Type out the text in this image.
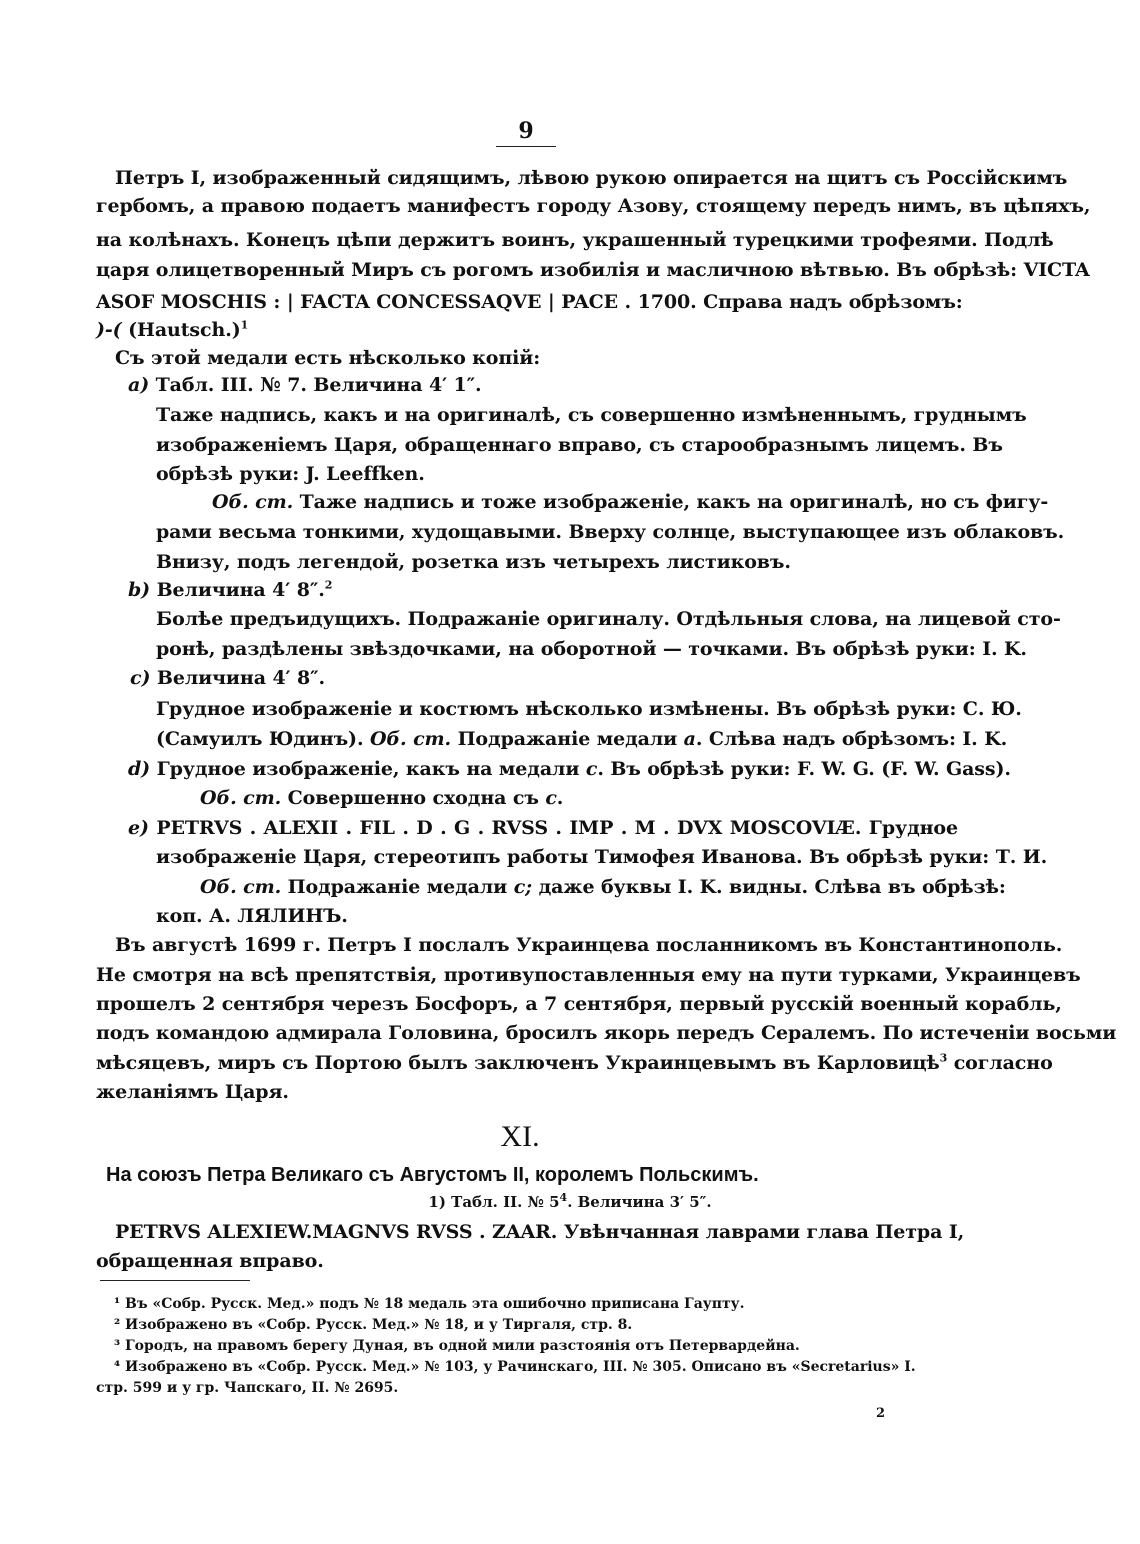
9
Петръ I, изображенный сидящимъ, лѣвою рукою опирается на щитъ съ Россійскимъ
гербомъ, а правою подаетъ манифестъ городу Азову, стоящему передъ нимъ, въ цѣпяхъ,
на колѣнахъ. Конецъ цѣпи держитъ воинъ, украшенный турецкими трофеями. Подлѣ
царя олицетворенный Миръ съ рогомъ изобилія и масличною вѣтвью. Въ обрѣзѣ: VICTA
ASOF MOSCHIS : | FACTA CONCESSAQVE | PACE . 1700. Справа надъ обрѣзомъ:
)-( (Hautsch.)$^1$
Съ этой медали есть нѣсколько копій:
a) Табл. III. № 7. Величина 4′ 1″.
Таже надпись, какъ и на оригиналѣ, съ совершенно измѣненнымъ, груднымъ
изображеніемъ Царя, обращеннаго вправо, съ старообразнымъ лицемъ. Въ
обрѣзѣ руки: J. Leeffken.
Об. ст. Таже надпись и тоже изображеніе, какъ на оригиналѣ, но съ фигу-
рами весьма тонкими, худощавыми. Вверху солнце, выступающее изъ облаковъ.
Внизу, подъ легендой, розетка изъ четырехъ листиковъ.
b) Величина 4′ 8″.$^2$
Болѣе предъидущихъ. Подражаніе оригиналу. Отдѣльныя слова, на лицевой сто-
ронѣ, раздѣлены звѣздочками, на оборотной — точками. Въ обрѣзѣ руки: I. K.
c) Величина 4′ 8″.
Грудное изображеніе и костюмъ нѣсколько измѣнены. Въ обрѣзѣ руки: С. Ю.
(Самуилъ Юдинъ). Об. ст. Подражаніе медали a. Слѣва надъ обрѣзомъ: I. K.
d) Грудное изображеніе, какъ на медали c. Въ обрѣзѣ руки: F. W. G. (F. W. Gass).
Об. ст. Совершенно сходна съ c.
e) PETRVS . ALEXII . FIL . D . G . RVSS . IMP . M . DVX MOSCOVIÆ. Грудное
изображеніе Царя, стереотипъ работы Тимофея Иванова. Въ обрѣзѣ руки: Т. И.
Об. ст. Подражаніе медали c; даже буквы I. K. видны. Слѣва въ обрѣзѣ:
коп. А. ЛЯЛИНЪ.
Въ августѣ 1699 г. Петръ I послалъ Украинцева посланникомъ въ Константинополь.
Не смотря на всѣ препятствія, противупоставленныя ему на пути турками, Украинцевъ
прошелъ 2 сентября черезъ Босфоръ, а 7 сентября, первый русскій военный корабль,
подъ командою адмирала Головина, бросилъ якорь передъ Сералемъ. По истеченіи восьми
мѣсяцевъ, миръ съ Портою былъ заключенъ Украинцевымъ въ Карловицѣ$^3$ согласно
желаніямъ Царя.
XI.
На союзъ Петра Великаго съ Августомъ II, королемъ Польскимъ.
1) Табл. II. № $5^4$. Величина 3′ 5″.
PETRVS ALEXIEW.MAGNVS RVSS . ZAAR. Увѣнчанная лаврами глава Петра I,
обращенная вправо.
¹ Въ «Собр. Русск. Мед.» подъ № 18 медаль эта ошибочно приписана Гаупту.
² Изображено въ «Собр. Русск. Мед.» № 18, и у Тиргаля, стр. 8.
³ Городъ, на правомъ берегу Дуная, въ одной мили разстоянія отъ Петервардейна.
⁴ Изображено въ «Собр. Русск. Мед.» № 103, у Рачинскаго, III. № 305. Описано въ «Secretarius» I.
стр. 599 и у гр. Чапскаго, II. № 2695.
2
